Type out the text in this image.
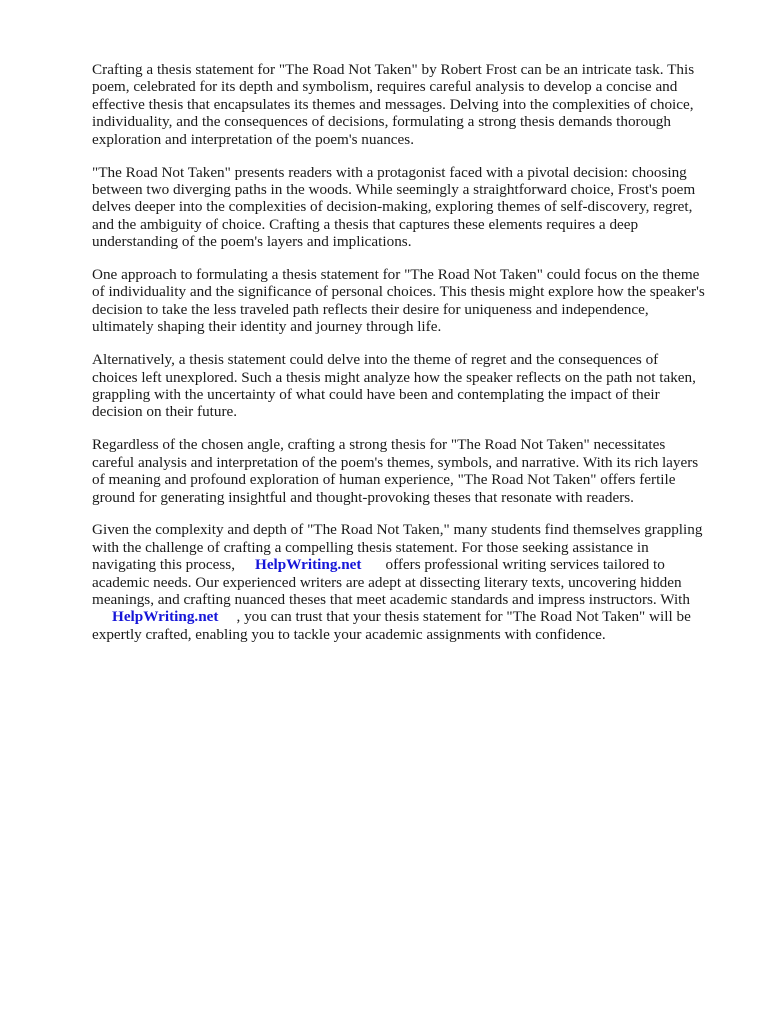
Crafting a thesis statement for "The Road Not Taken" by Robert Frost can be an intricate task. This
poem, celebrated for its depth and symbolism, requires careful analysis to develop a concise and
effective thesis that encapsulates its themes and messages. Delving into the complexities of choice,
individuality, and the consequences of decisions, formulating a strong thesis demands thorough
exploration and interpretation of the poem's nuances.

"The Road Not Taken" presents readers with a protagonist faced with a pivotal decision: choosing
between two diverging paths in the woods. While seemingly a straightforward choice, Frost's poem
delves deeper into the complexities of decision-making, exploring themes of self-discovery, regret,
and the ambiguity of choice. Crafting a thesis that captures these elements requires a deep
understanding of the poem's layers and implications.

One approach to formulating a thesis statement for "The Road Not Taken" could focus on the theme
of individuality and the significance of personal choices. This thesis might explore how the speaker's
decision to take the less traveled path reflects their desire for uniqueness and independence,
ultimately shaping their identity and journey through life.

Alternatively, a thesis statement could delve into the theme of regret and the consequences of
choices left unexplored. Such a thesis might analyze how the speaker reflects on the path not taken,
grappling with the uncertainty of what could have been and contemplating the impact of their
decision on their future.

Regardless of the chosen angle, crafting a strong thesis for "The Road Not Taken" necessitates
careful analysis and interpretation of the poem's themes, symbols, and narrative. With its rich layers
of meaning and profound exploration of human experience, "The Road Not Taken" offers fertile
ground for generating insightful and thought-provoking theses that resonate with readers.

Given the complexity and depth of "The Road Not Taken," many students find themselves grappling
with the challenge of crafting a compelling thesis statement. For those seeking assistance in
navigating this process, HelpWriting.net offers professional writing services tailored to
academic needs. Our experienced writers are adept at dissecting literary texts, uncovering hidden
meanings, and crafting nuanced theses that meet academic standards and impress instructors. With
HelpWriting.net , you can trust that your thesis statement for "The Road Not Taken" will be
expertly crafted, enabling you to tackle your academic assignments with confidence.
